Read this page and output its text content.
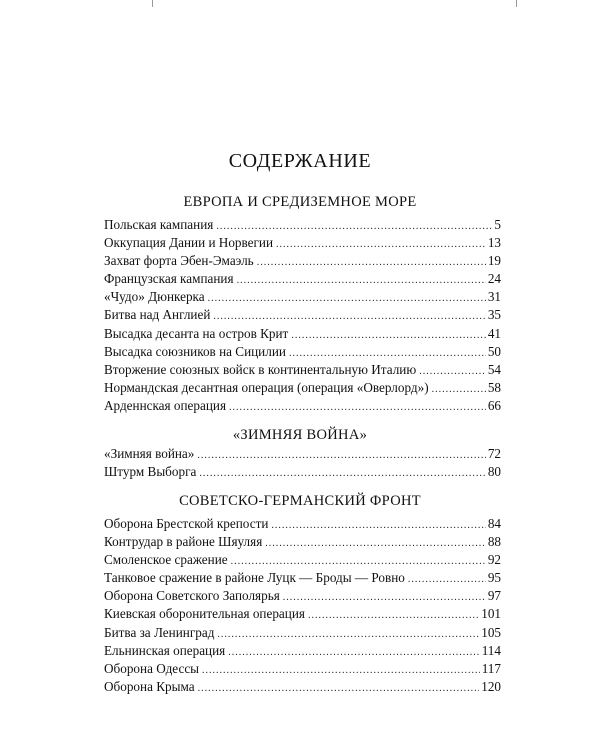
СОДЕРЖАНИЕ
ЕВРОПА И СРЕДИЗЕМНОЕ МОРЕ
Польская кампания .....	5
Оккупация Дании и Норвегии .....	13
Захват форта Эбен-Эмаэль .....	19
Французская кампания .....	24
«Чудо» Дюнкерка .....	31
Битва над Англией .....	35
Высадка десанта на остров Крит .....	41
Высадка союзников на Сицилии .....	50
Вторжение союзных войск в континентальную Италию .....	54
Нормандская десантная операция (операция «Оверлорд») .....	58
Арденнская операция .....	66
«ЗИМНЯЯ ВОЙНА»
«Зимняя война» .....	72
Штурм Выборга .....	80
СОВЕТСКО-ГЕРМАНСКИЙ ФРОНТ
Оборона Брестской крепости .....	84
Контрудар в районе Шяуляя .....	88
Смоленское сражение .....	92
Танковое сражение в районе Луцк — Броды — Ровно .....	95
Оборона Советского Заполярья .....	97
Киевская оборонительная операция .....	101
Битва за Ленинград .....	105
Ельнинская операция .....	114
Оборона Одессы .....	117
Оборона Крыма .....	120
